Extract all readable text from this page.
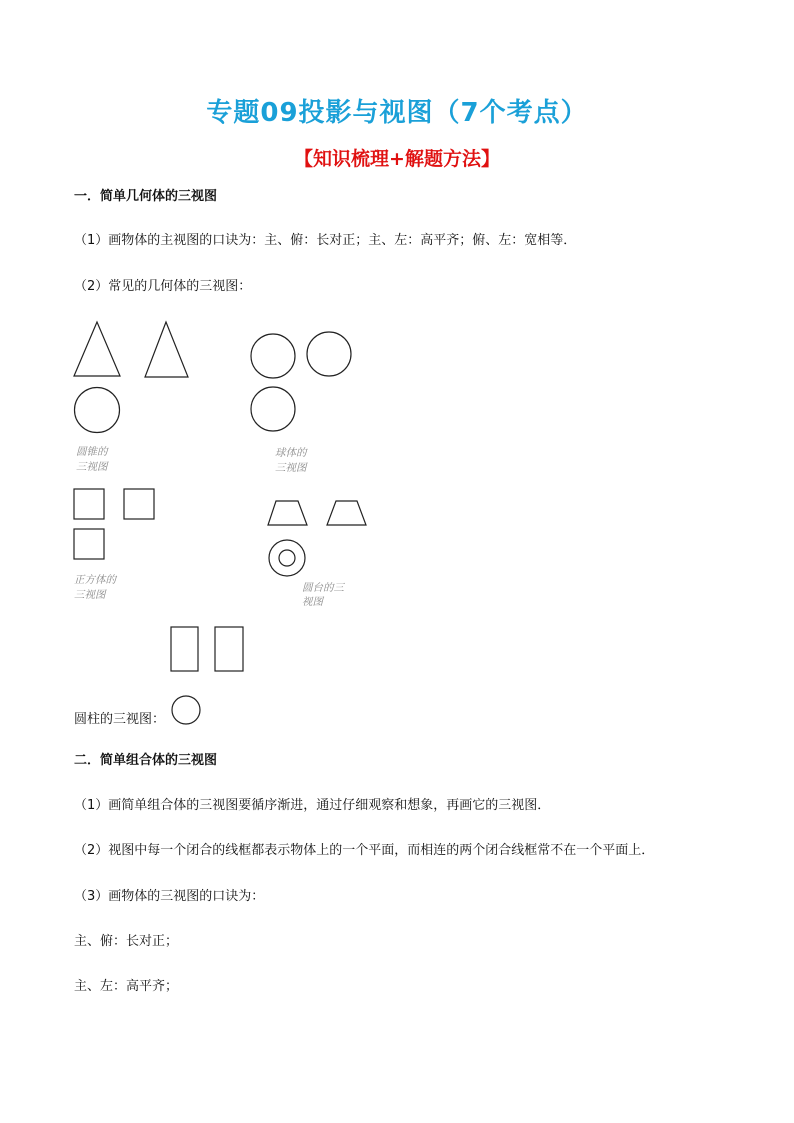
专题09投影与视图（7个考点）
【知识梳理+解题方法】
一．简单几何体的三视图
（1）画物体的主视图的口诀为：主、俯：长对正；主、左：高平齐；俯、左：宽相等．
（2）常见的几何体的三视图：
圆锥的
三视图
球体的
三视图
正方体的
三视图
圆台的三
视图
圆柱的三视图：
二．简单组合体的三视图
（1）画简单组合体的三视图要循序渐进，通过仔细观察和想象，再画它的三视图．
（2）视图中每一个闭合的线框都表示物体上的一个平面，而相连的两个闭合线框常不在一个平面上．
（3）画物体的三视图的口诀为：
主、俯：长对正；
主、左：高平齐；
